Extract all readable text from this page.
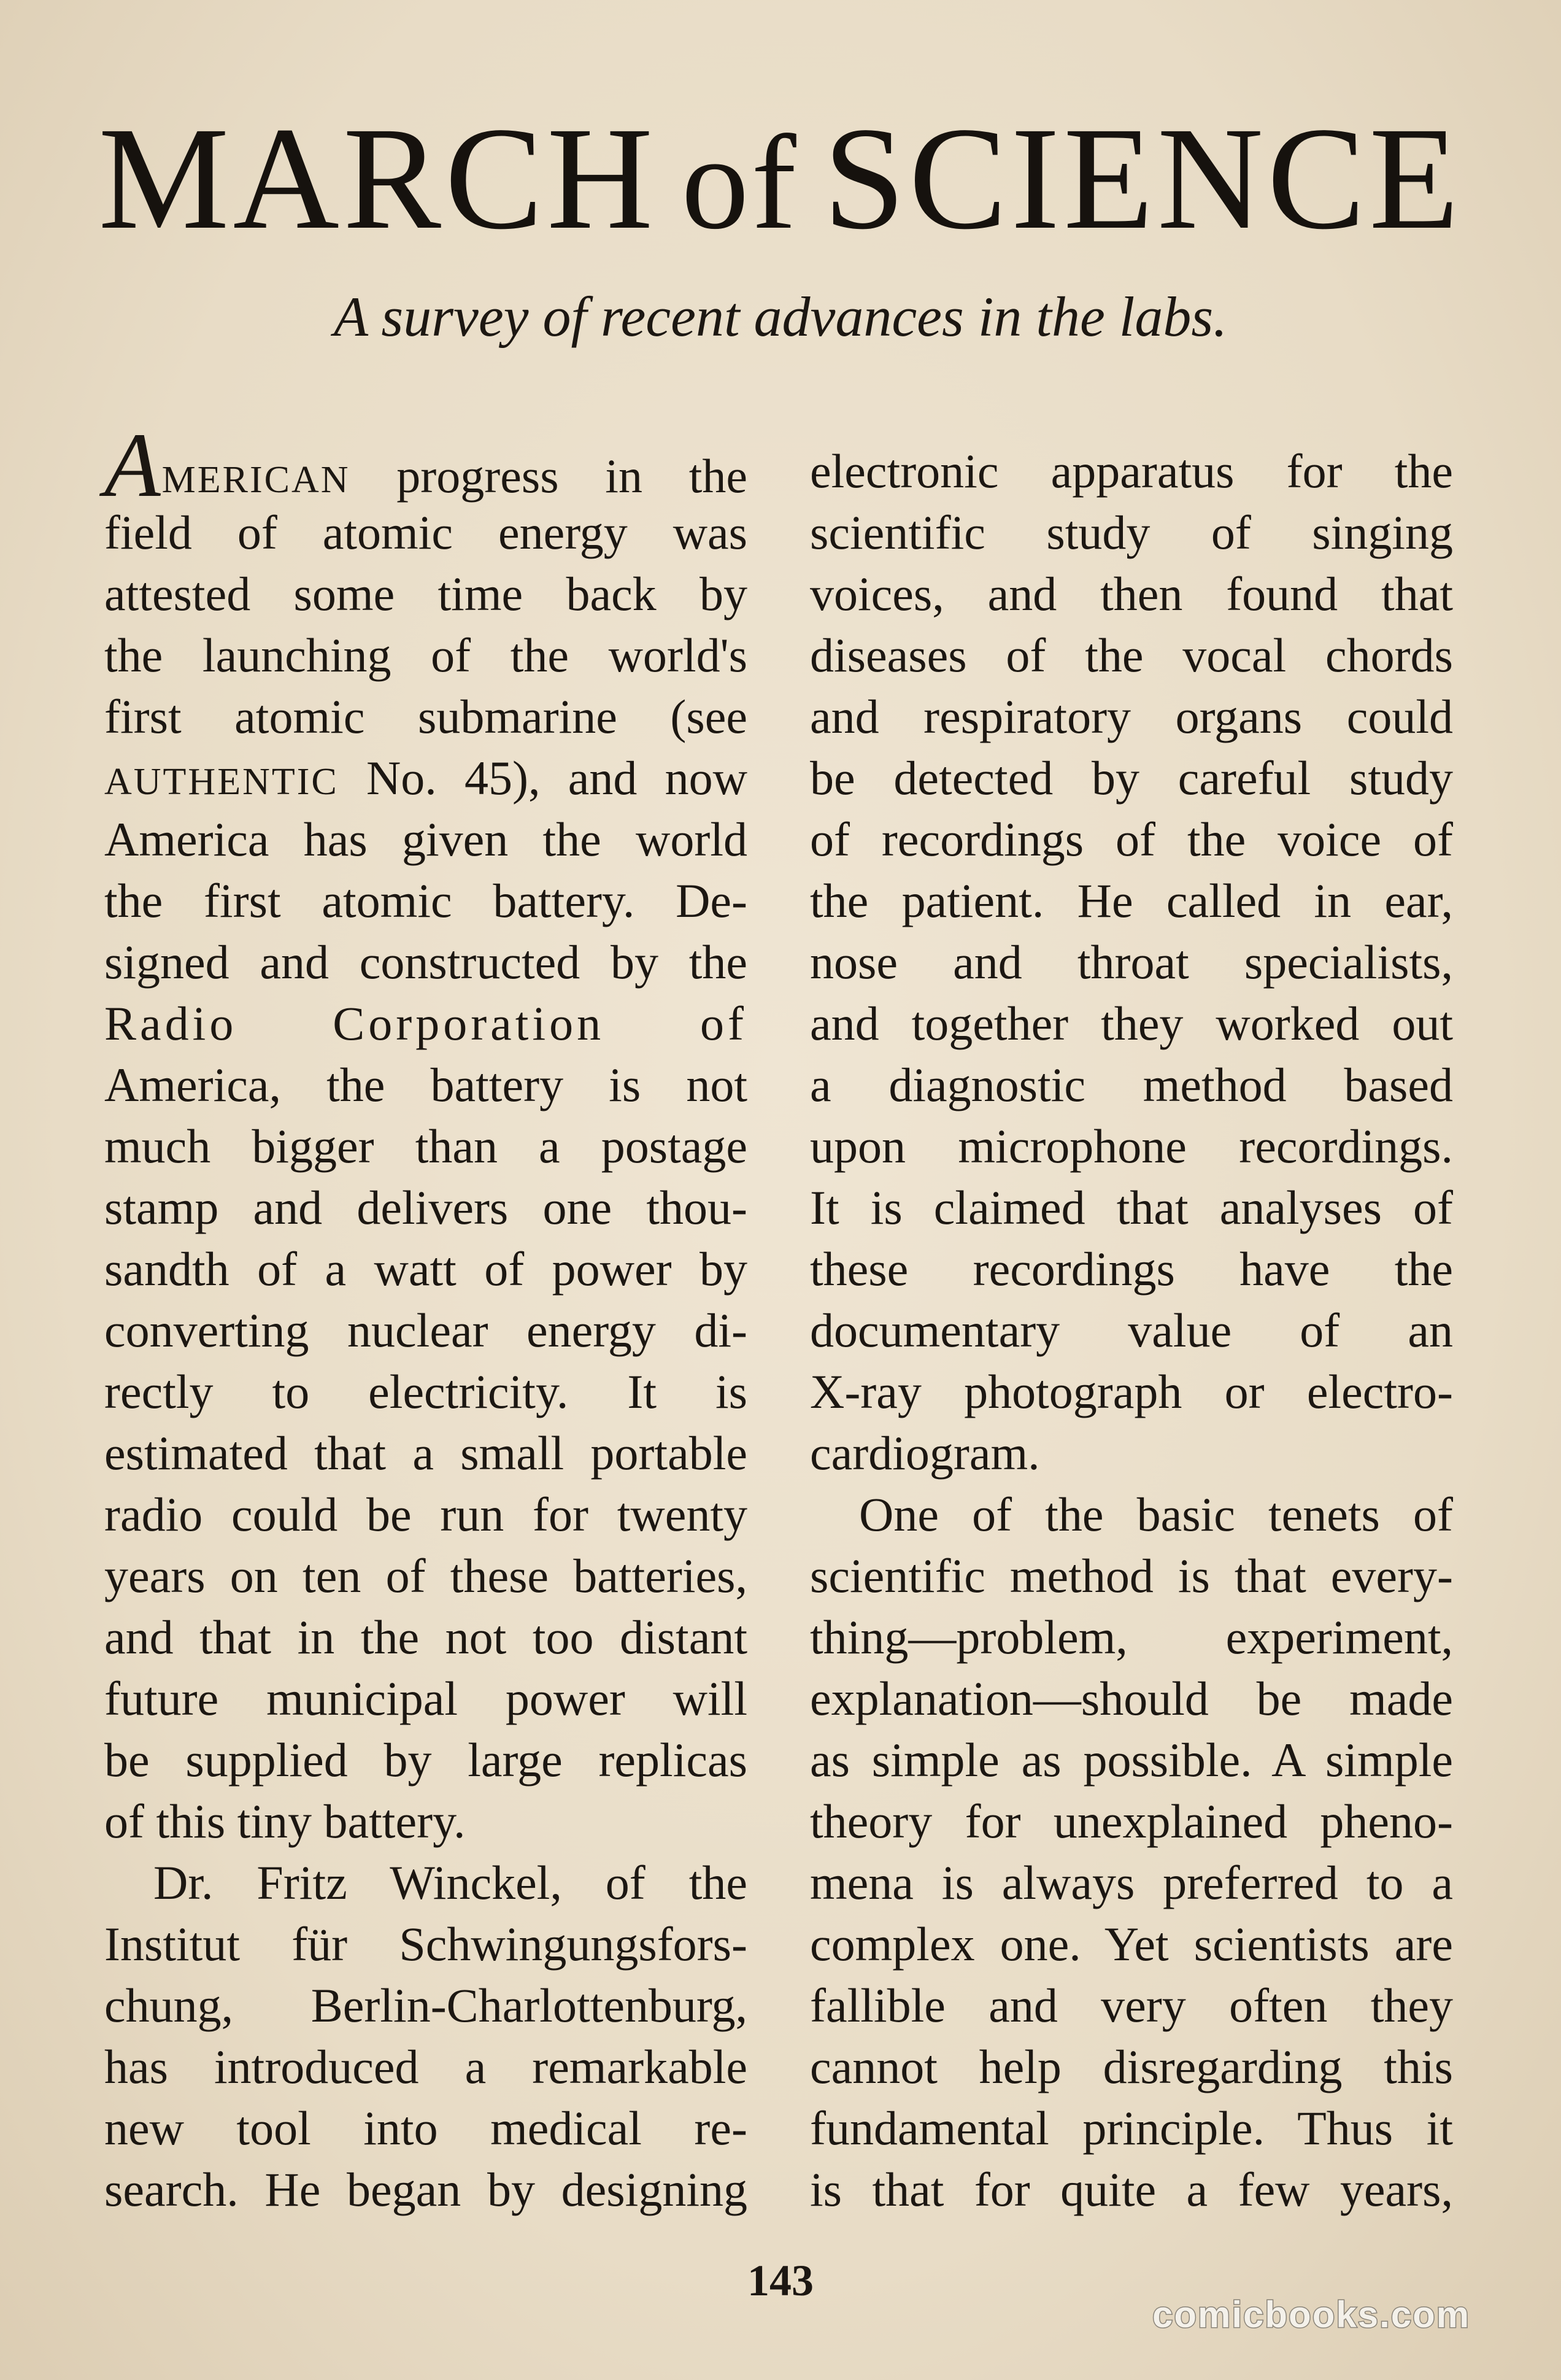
MARCH of SCIENCE
A survey of recent advances in the labs.
AMERICAN progress in the
field of atomic energy was
attested some time back by
the launching of the world's
first atomic submarine (see
AUTHENTIC No. 45), and now
America has given the world
the first atomic battery. De-
signed and constructed by the
Radio Corporation of
America, the battery is not
much bigger than a postage
stamp and delivers one thou-
sandth of a watt of power by
converting nuclear energy di-
rectly to electricity. It is
estimated that a small portable
radio could be run for twenty
years on ten of these batteries,
and that in the not too distant
future municipal power will
be supplied by large replicas
of this tiny battery.
Dr. Fritz Winckel, of the
Institut für Schwingungsfors-
chung, Berlin-Charlottenburg,
has introduced a remarkable
new tool into medical re-
search. He began by designing
electronic apparatus for the
scientific study of singing
voices, and then found that
diseases of the vocal chords
and respiratory organs could
be detected by careful study
of recordings of the voice of
the patient. He called in ear,
nose and throat specialists,
and together they worked out
a diagnostic method based
upon microphone recordings.
It is claimed that analyses of
these recordings have the
documentary value of an
X-ray photograph or electro-
cardiogram.
One of the basic tenets of
scientific method is that every-
thing—problem, experiment,
explanation—should be made
as simple as possible. A simple
theory for unexplained pheno-
mena is always preferred to a
complex one. Yet scientists are
fallible and very often they
cannot help disregarding this
fundamental principle. Thus it
is that for quite a few years,
143
comicbooks.com
